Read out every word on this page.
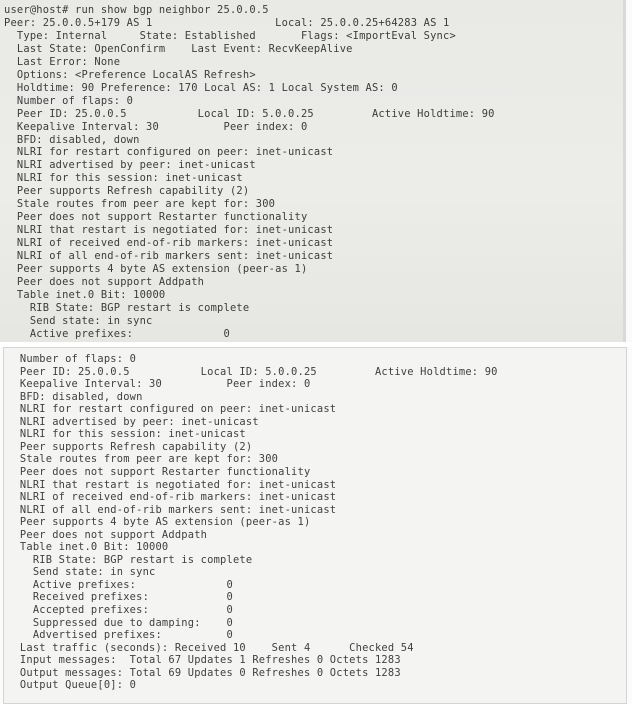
user@host# run show bgp neighbor 25.0.0.5
Peer: 25.0.0.5+179 AS 1                   Local: 25.0.0.25+64283 AS 1
Type: Internal     State: Established       Flags: <ImportEval Sync>
Last State: OpenConfirm    Last Event: RecvKeepAlive
Last Error: None
Options: <Preference LocalAS Refresh>
Holdtime: 90 Preference: 170 Local AS: 1 Local System AS: 0
Number of flaps: 0
Peer ID: 25.0.0.5           Local ID: 5.0.0.25         Active Holdtime: 90
Keepalive Interval: 30          Peer index: 0
BFD: disabled, down
NLRI for restart configured on peer: inet-unicast
NLRI advertised by peer: inet-unicast
NLRI for this session: inet-unicast
Peer supports Refresh capability (2)
Stale routes from peer are kept for: 300
Peer does not support Restarter functionality
NLRI that restart is negotiated for: inet-unicast
NLRI of received end-of-rib markers: inet-unicast
NLRI of all end-of-rib markers sent: inet-unicast
Peer supports 4 byte AS extension (peer-as 1)
Peer does not support Addpath
Table inet.0 Bit: 10000
RIB State: BGP restart is complete
Send state: in sync
Active prefixes:              0
Number of flaps: 0
Peer ID: 25.0.0.5           Local ID: 5.0.0.25         Active Holdtime: 90
Keepalive Interval: 30          Peer index: 0
BFD: disabled, down
NLRI for restart configured on peer: inet-unicast
NLRI advertised by peer: inet-unicast
NLRI for this session: inet-unicast
Peer supports Refresh capability (2)
Stale routes from peer are kept for: 300
Peer does not support Restarter functionality
NLRI that restart is negotiated for: inet-unicast
NLRI of received end-of-rib markers: inet-unicast
NLRI of all end-of-rib markers sent: inet-unicast
Peer supports 4 byte AS extension (peer-as 1)
Peer does not support Addpath
Table inet.0 Bit: 10000
RIB State: BGP restart is complete
Send state: in sync
Active prefixes:              0
Received prefixes:            0
Accepted prefixes:            0
Suppressed due to damping:    0
Advertised prefixes:          0
Last traffic (seconds): Received 10    Sent 4      Checked 54
Input messages:  Total 67 Updates 1 Refreshes 0 Octets 1283
Output messages: Total 69 Updates 0 Refreshes 0 Octets 1283
Output Queue[0]: 0
